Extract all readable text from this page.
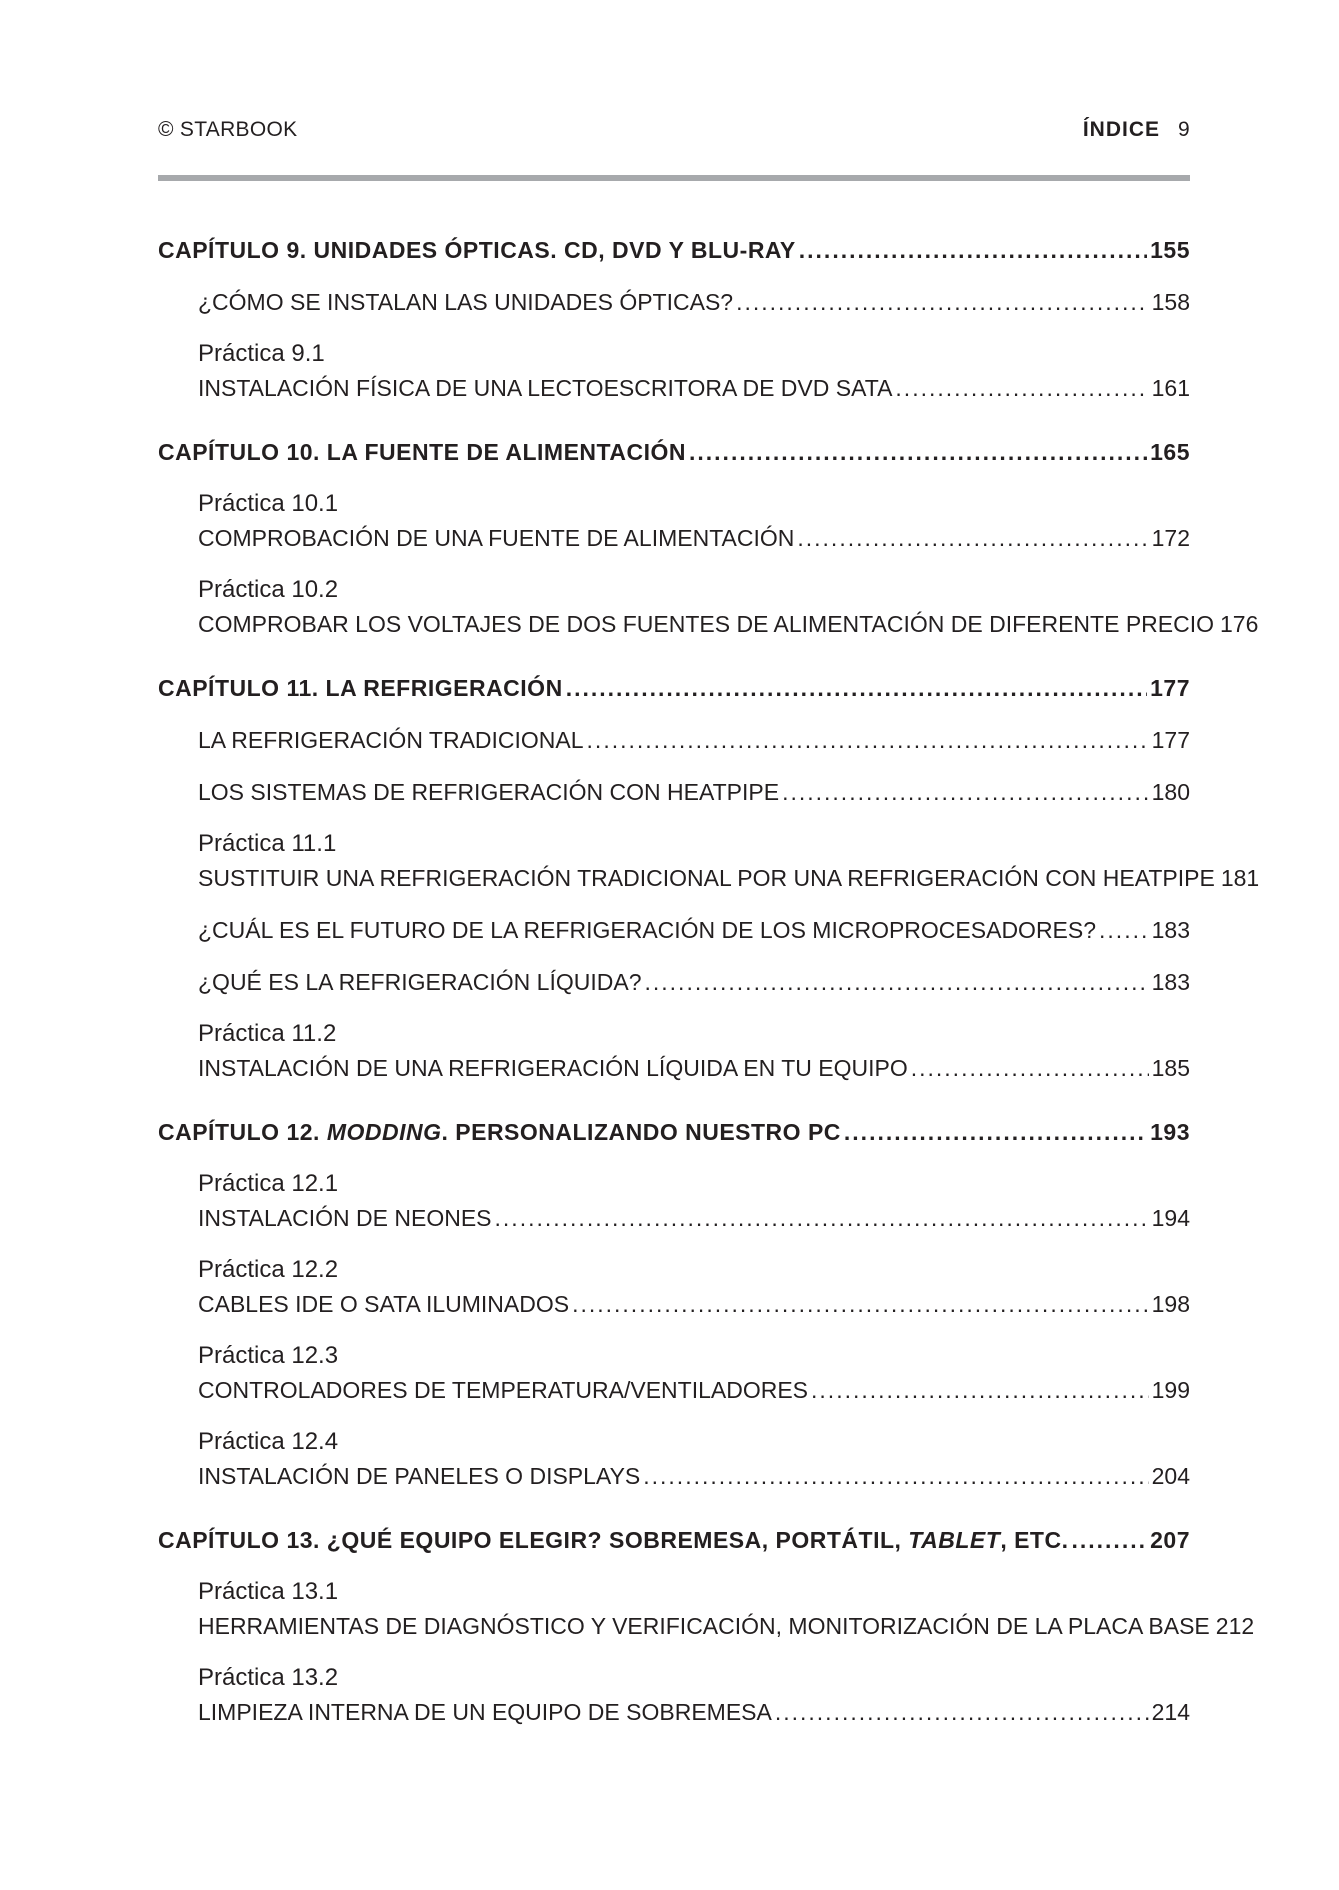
© STARBOOK	ÍNDICE 9
CAPÍTULO 9. UNIDADES ÓPTICAS. CD, DVD Y BLU-RAY .....	155
¿CÓMO SE INSTALAN LAS UNIDADES ÓPTICAS? .....	158
Práctica 9.1
INSTALACIÓN FÍSICA DE UNA LECTOESCRITORA DE DVD SATA .....	161
CAPÍTULO 10. LA FUENTE DE ALIMENTACIÓN .....	165
Práctica 10.1
COMPROBACIÓN DE UNA FUENTE DE ALIMENTACIÓN .....	172
Práctica 10.2
COMPROBAR LOS VOLTAJES DE DOS FUENTES DE ALIMENTACIÓN DE DIFERENTE PRECIO 176
CAPÍTULO 11. LA REFRIGERACIÓN .....	177
LA REFRIGERACIÓN TRADICIONAL .....	177
LOS SISTEMAS DE REFRIGERACIÓN CON HEATPIPE .....	180
Práctica 11.1
SUSTITUIR UNA REFRIGERACIÓN TRADICIONAL POR UNA REFRIGERACIÓN CON HEATPIPE 181
¿CUÁL ES EL FUTURO DE LA REFRIGERACIÓN DE LOS MICROPROCESADORES? ..... 183
¿QUÉ ES LA REFRIGERACIÓN LÍQUIDA? .....	183
Práctica 11.2
INSTALACIÓN DE UNA REFRIGERACIÓN LÍQUIDA EN TU EQUIPO .....	185
CAPÍTULO 12. MODDING. PERSONALIZANDO NUESTRO PC .....	193
Práctica 12.1
INSTALACIÓN DE NEONES .....	194
Práctica 12.2
CABLES IDE O SATA ILUMINADOS .....	198
Práctica 12.3
CONTROLADORES DE TEMPERATURA/VENTILADORES .....	199
Práctica 12.4
INSTALACIÓN DE PANELES O DISPLAYS .....	204
CAPÍTULO 13. ¿QUÉ EQUIPO ELEGIR? SOBREMESA, PORTÁTIL, TABLET, ETC. .....	207
Práctica 13.1
HERRAMIENTAS DE DIAGNÓSTICO Y VERIFICACIÓN, MONITORIZACIÓN DE LA PLACA BASE 212
Práctica 13.2
LIMPIEZA INTERNA DE UN EQUIPO DE SOBREMESA .....	214
